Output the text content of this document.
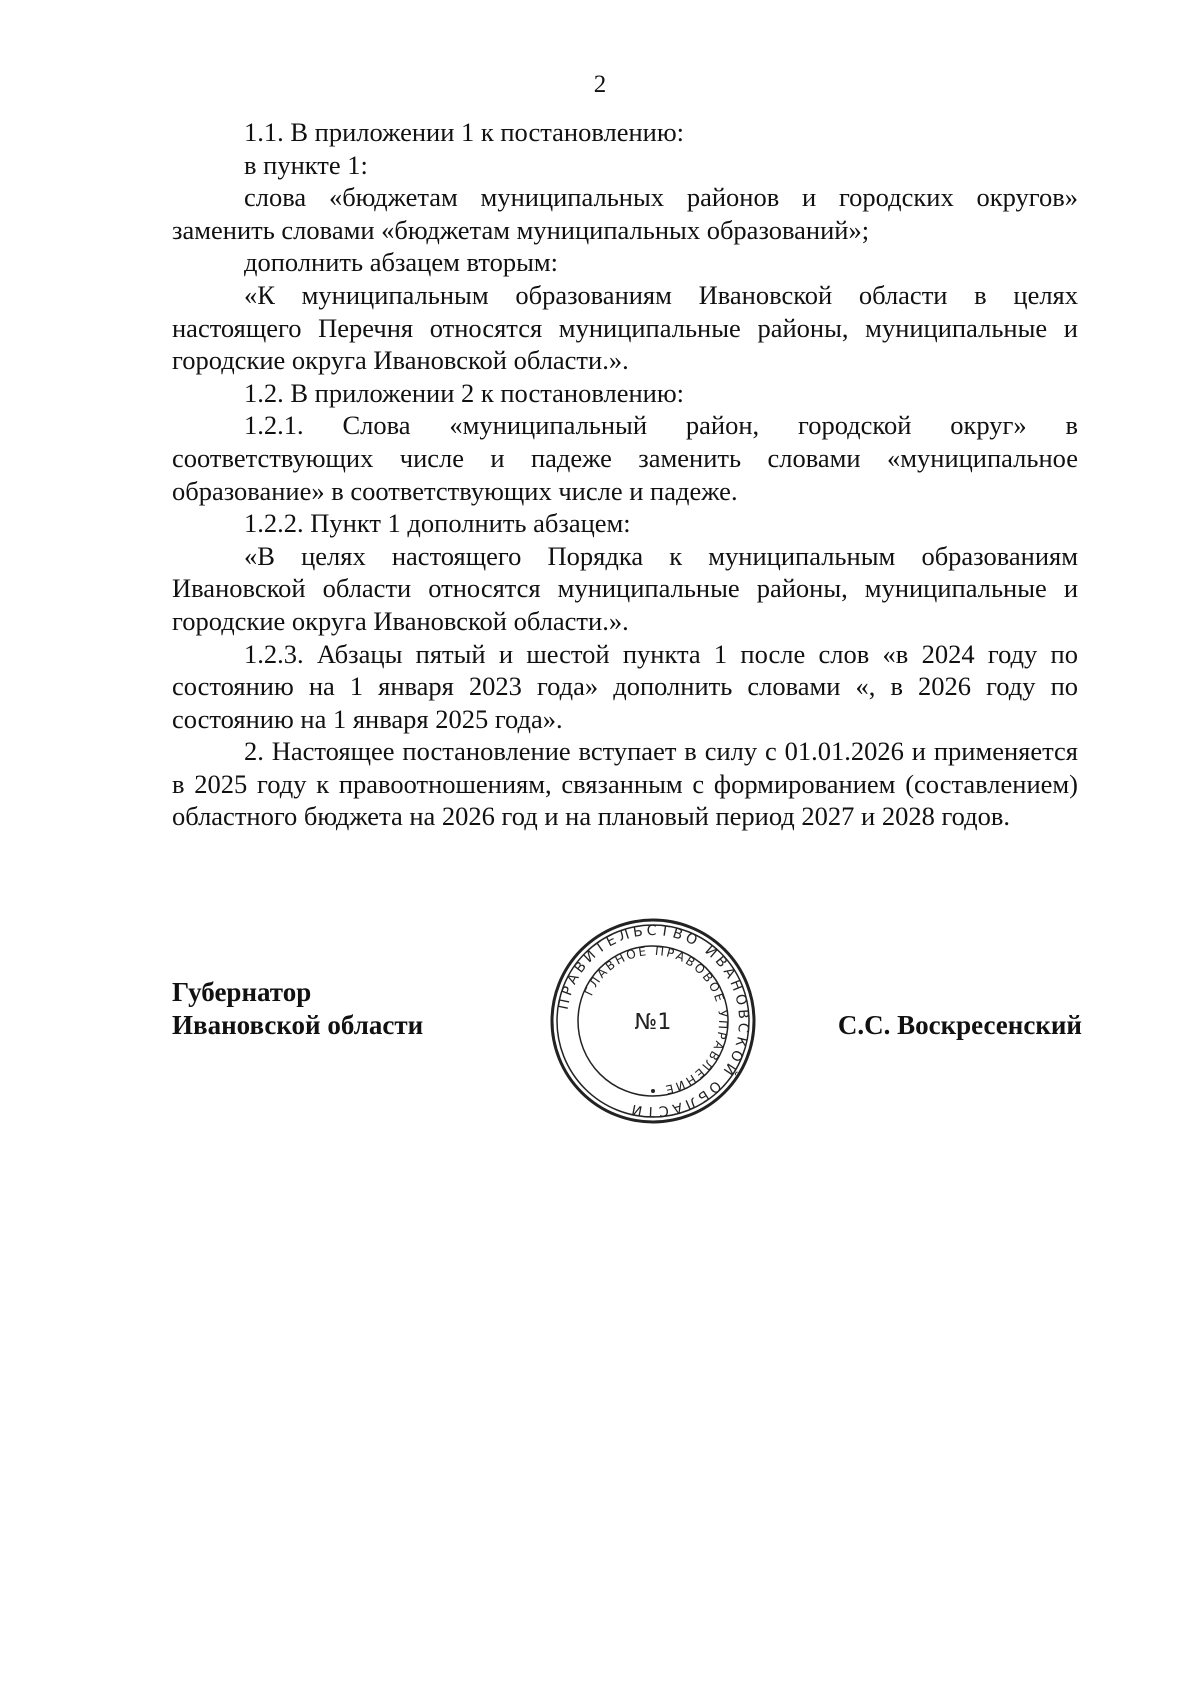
2

1.1. В приложении 1 к постановлению:

в пункте 1:

слова «бюджетам муниципальных районов и городских округов» заменить словами «бюджетам муниципальных образований»;

дополнить абзацем вторым:

«К муниципальным образованиям Ивановской области в целях настоящего Перечня относятся муниципальные районы, муниципальные и городские округа Ивановской области.».

1.2. В приложении 2 к постановлению:

1.2.1. Слова «муниципальный район, городской округ» в соответствующих числе и падеже заменить словами «муниципальное образование» в соответствующих числе и падеже.

1.2.2. Пункт 1 дополнить абзацем:

«В целях настоящего Порядка к муниципальным образованиям Ивановской области относятся муниципальные районы, муниципальные и городские округа Ивановской области.».

1.2.3. Абзацы пятый и шестой пункта 1 после слов «в 2024 году по состоянию на 1 января 2023 года» дополнить словами «, в 2026 году по состоянию на 1 января 2025 года».

2. Настоящее постановление вступает в силу с 01.01.2026 и применяется в 2025 году к правоотношениям, связанным с формированием (составлением) областного бюджета на 2026 год и на плановый период 2027 и 2028 годов.

Губернатор
Ивановской области	С.С. Воскресенский
ПРАВИТЕЛЬСТВО ИВАНОВСКОЙ ОБЛАСТИ
ГЛАВНОЕ ПРАВОВОЕ УПРАВЛЕНИЕ
№1
